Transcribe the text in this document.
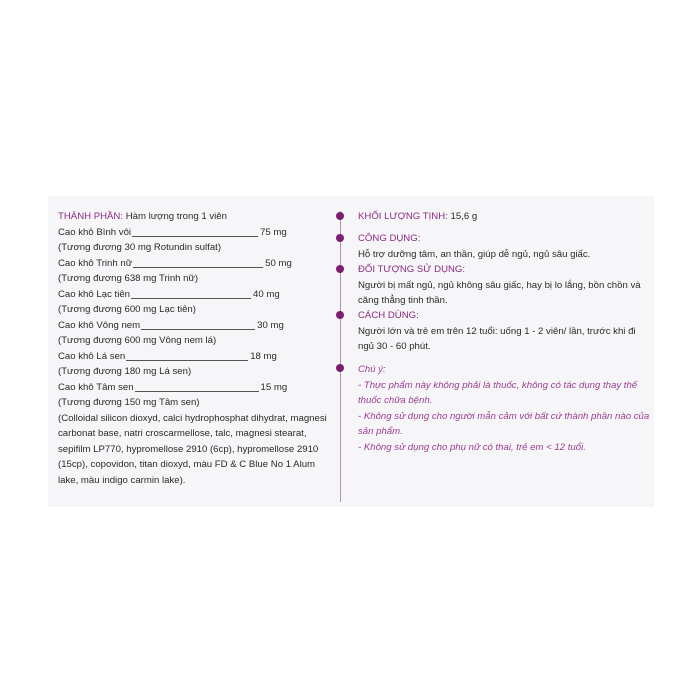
THÀNH PHẦN: Hàm lượng trong 1 viên
Cao khô Bình vôi	75 mg
(Tương đương 30 mg Rotundin sulfat)
Cao khô Trinh nữ	50 mg
(Tương đương 638 mg Trinh nữ)
Cao khô Lạc tiên	40 mg
(Tương đương 600 mg Lạc tiên)
Cao khô Vông nem	30 mg
(Tương đương 600 mg Vông nem lá)
Cao khô Lá sen	18 mg
(Tương đương 180 mg Lá sen)
Cao khô Tâm sen	15 mg
(Tương đương 150 mg Tâm sen)
(Colloidal silicon dioxyd, calci hydrophosphat dihydrat, magnesi carbonat base, natri croscarmellose, talc, magnesi stearat, sepifilm LP770, hypromellose 2910 (6cp), hypromellose 2910 (15cp), copovidon, titan dioxyd, màu FD & C Blue No 1 Alum lake, màu indigo carmin lake).
KHỐI LƯỢNG TỊNH: 15,6 g
CÔNG DỤNG:
Hỗ trợ dưỡng tâm, an thần, giúp dễ ngủ, ngủ sâu giấc.
ĐỐI TƯỢNG SỬ DỤNG:
Người bị mất ngủ, ngủ không sâu giấc, hay bị lo lắng, bồn chồn và căng thẳng tinh thần.
CÁCH DÙNG:
Người lớn và trẻ em trên 12 tuổi: uống 1 - 2 viên/ lần, trước khi đi ngủ 30 - 60 phút.
Chú ý:

- Thực phẩm này không phải là thuốc, không có tác dụng thay thế thuốc chữa bệnh.

- Không sử dụng cho người mẫn cảm với bất cứ thành phần nào của sản phẩm.

- Không sử dụng cho phụ nữ có thai, trẻ em < 12 tuổi.
